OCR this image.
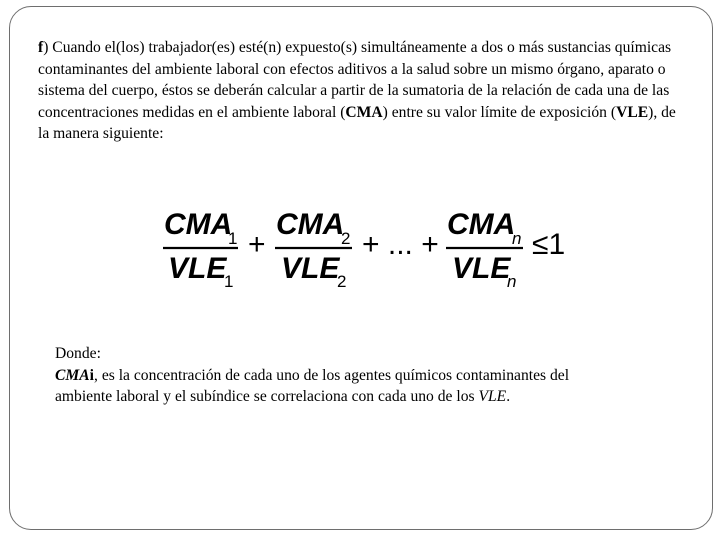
f) Cuando el(los) trabajador(es) esté(n) expuesto(s) simultáneamente a dos o más sustancias químicas contaminantes del ambiente laboral con efectos aditivos a la salud sobre un mismo órgano, aparato o sistema del cuerpo, éstos se deberán calcular a partir de la sumatoria de la relación de cada una de las concentraciones medidas en el ambiente laboral (CMA) entre su valor límite de exposición (VLE), de la manera siguiente:
CMA
1
VLE
1
+
CMA
2
VLE
2
+ ... +
CMA
n
VLE
n
≤1
Donde:
CMAi, es la concentración de cada uno de los agentes químicos contaminantes del
ambiente laboral y el subíndice se correlaciona con cada uno de los VLE.
